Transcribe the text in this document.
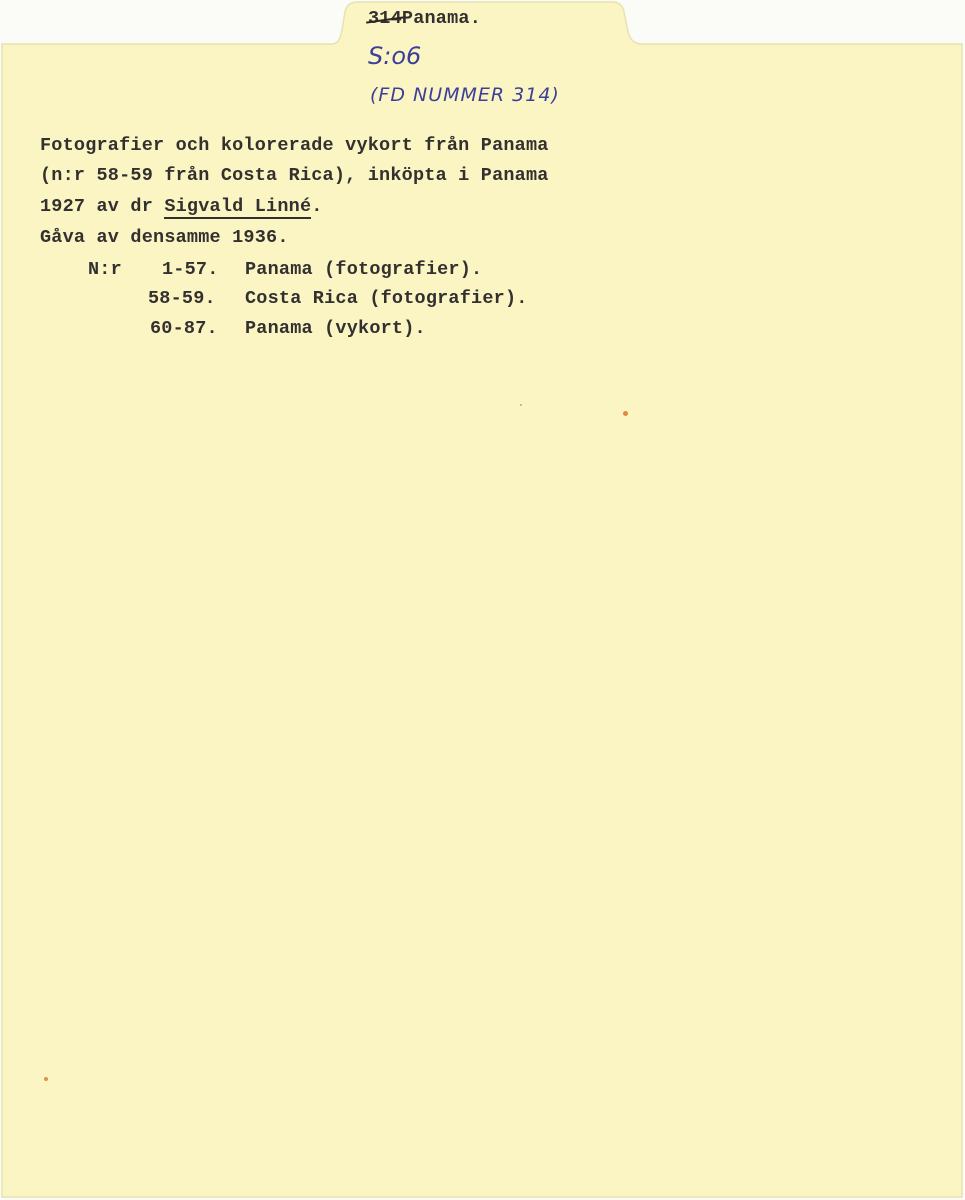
314Panama.
S:o6
(FD NUMMER 314)
Fotografier och kolorerade vykort från Panama
(n:r 58-59 från Costa Rica), inköpta i Panama
1927 av dr Sigvald Linné.
Gåva av densamme 1936.
N:r 1-57. Panama (fotografier).
58-59. Costa Rica (fotografier).
60-87. Panama (vykort).
